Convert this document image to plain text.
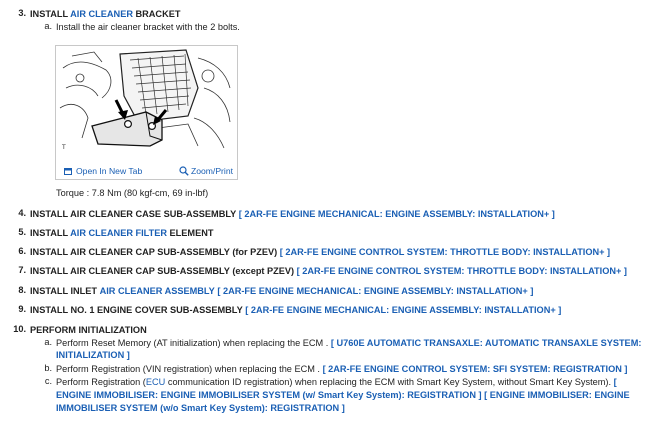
3. INSTALL AIR CLEANER BRACKET
a. Install the air cleaner bracket with the 2 bolts.
T
Open In New Tab	Zoom/Print
Torque : 7.8 Nm (80 kgf-cm, 69 in-lbf)
4. INSTALL AIR CLEANER CASE SUB-ASSEMBLY [ 2AR-FE ENGINE MECHANICAL: ENGINE ASSEMBLY: INSTALLATION+ ]
5. INSTALL AIR CLEANER FILTER ELEMENT
6. INSTALL AIR CLEANER CAP SUB-ASSEMBLY (for PZEV) [ 2AR-FE ENGINE CONTROL SYSTEM: THROTTLE BODY: INSTALLATION+ ]
7. INSTALL AIR CLEANER CAP SUB-ASSEMBLY (except PZEV) [ 2AR-FE ENGINE CONTROL SYSTEM: THROTTLE BODY: INSTALLATION+ ]
8. INSTALL INLET AIR CLEANER ASSEMBLY [ 2AR-FE ENGINE MECHANICAL: ENGINE ASSEMBLY: INSTALLATION+ ]
9. INSTALL NO. 1 ENGINE COVER SUB-ASSEMBLY [ 2AR-FE ENGINE MECHANICAL: ENGINE ASSEMBLY: INSTALLATION+ ]
10. PERFORM INITIALIZATION
a. Perform Reset Memory (AT initialization) when replacing the ECM . [ U760E AUTOMATIC TRANSAXLE: AUTOMATIC TRANSAXLE SYSTEM:
INITIALIZATION ]
b. Perform Registration (VIN registration) when replacing the ECM . [ 2AR-FE ENGINE CONTROL SYSTEM: SFI SYSTEM: REGISTRATION ]
c. Perform Registration (ECU communication ID registration) when replacing the ECM with Smart Key System, without Smart Key System). [
ENGINE IMMOBILISER: ENGINE IMMOBILISER SYSTEM (w/ Smart Key System): REGISTRATION ] [ ENGINE IMMOBILISER: ENGINE
IMMOBILISER SYSTEM (w/o Smart Key System): REGISTRATION ]
